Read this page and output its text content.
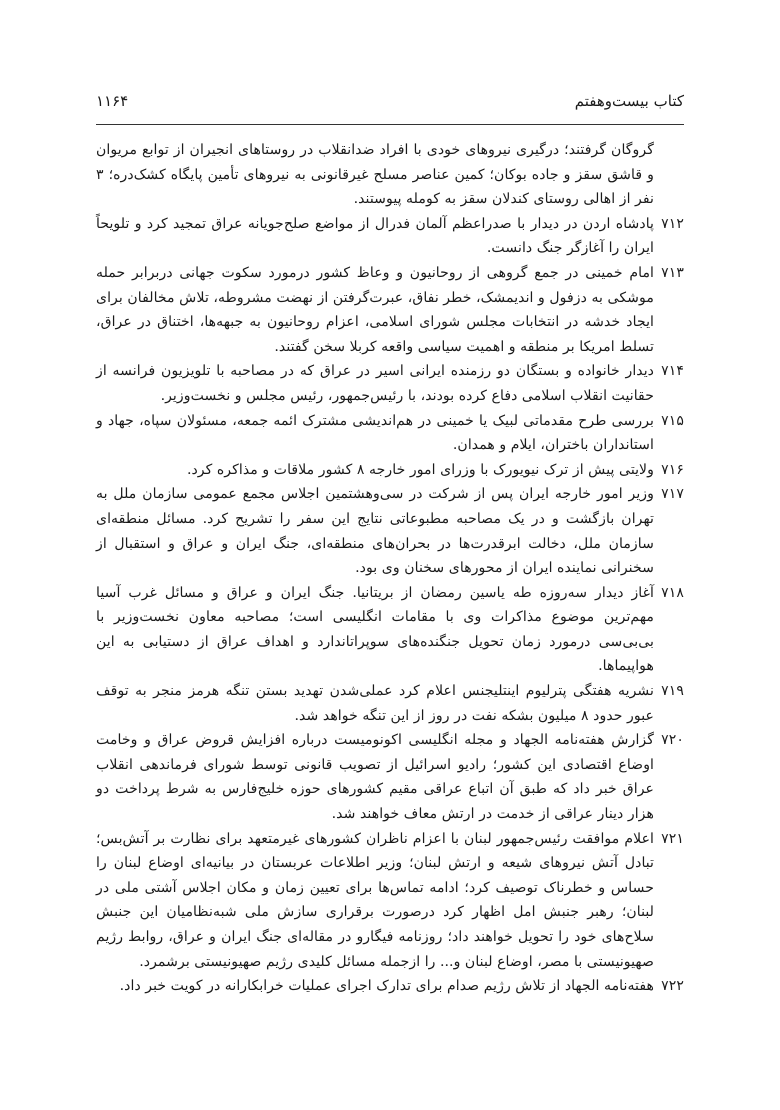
کتاب بیست‌وهفتم
۱۱۶۴
گروگان گرفتند؛ درگیری نیروهای خودی با افراد ضدانقلاب در روستاهای انجیران از توابع مریوان و قاشق سقز و جاده بوکان؛ کمین عناصر مسلح غیرقانونی به نیروهای تأمین پایگاه کشک‌دره؛ ۳ نفر از اهالی روستای کندلان سقز به کومله پیوستند.
۷۱۲
پادشاه اردن در دیدار با صدراعظم آلمان فدرال از مواضع صلح‌جویانه عراق تمجید کرد و تلویحاً ایران را آغازگر جنگ دانست.
۷۱۳
امام خمینی در جمع گروهی از روحانیون و وعاظ کشور درمورد سکوت جهانی دربرابر حمله موشکی به دزفول و اندیمشک، خطر نفاق، عبرت‌گرفتن از نهضت مشروطه، تلاش مخالفان برای ایجاد خدشه در انتخابات مجلس شورای اسلامی، اعزام روحانیون به جبهه‌ها، اختناق در عراق، تسلط امریکا بر منطقه و اهمیت سیاسی واقعه کربلا سخن گفتند.
۷۱۴
دیدار خانواده و بستگان دو رزمنده ایرانی اسیر در عراق که در مصاحبه با تلویزیون فرانسه از حقانیت انقلاب اسلامی دفاع کرده بودند، با رئیس‌جمهور، رئیس مجلس و نخست‌وزیر.
۷۱۵
بررسی طرح مقدماتی لبیک یا خمینی در هم‌اندیشی مشترک ائمه جمعه، مسئولان سپاه، جهاد و استانداران باختران، ایلام و همدان.
۷۱۶
ولایتی پیش از ترک نیویورک با وزرای امور خارجه ۸ کشور ملاقات و مذاکره کرد.
۷۱۷
وزیر امور خارجه ایران پس از شرکت در سی‌وهشتمین اجلاس مجمع عمومی سازمان ملل به تهران بازگشت و در یک مصاحبه مطبوعاتی نتایج این سفر را تشریح کرد. مسائل منطقه‌ای سازمان ملل، دخالت ابرقدرت‌ها در بحران‌های منطقه‌ای، جنگ ایران و عراق و استقبال از سخنرانی نماینده ایران از محورهای سخنان وی بود.
۷۱۸
آغاز دیدار سه‌روزه طه یاسین رمضان از بریتانیا. جنگ ایران و عراق و مسائل غرب آسیا مهم‌ترین موضوع مذاکرات وی با مقامات انگلیسی است؛ مصاحبه معاون نخست‌وزیر با بی‌بی‌سی درمورد زمان تحویل جنگنده‌های سوپراتاندارد و اهداف عراق از دستیابی به این هواپیماها.
۷۱۹
نشریه هفتگی پترلیوم اینتلیجنس اعلام کرد عملی‌شدن تهدید بستن تنگه هرمز منجر به توقف عبور حدود ۸ میلیون بشکه نفت در روز از این تنگه خواهد شد.
۷۲۰
گزارش هفته‌نامه الجهاد و مجله انگلیسی اکونومیست درباره افزایش قروض عراق و وخامت اوضاع اقتصادی این کشور؛ رادیو اسرائیل از تصویب قانونی توسط شورای فرماندهی انقلاب عراق خبر داد که طبق آن اتباع عراقی مقیم کشورهای حوزه خلیج‌فارس به شرط پرداخت دو هزار دینار عراقی از خدمت در ارتش معاف خواهند شد.
۷۲۱
اعلام موافقت رئیس‌جمهور لبنان با اعزام ناظران کشورهای غیرمتعهد برای نظارت بر آتش‌بس؛ تبادل آتش نیروهای شیعه و ارتش لبنان؛ وزیر اطلاعات عربستان در بیانیه‌ای اوضاع لبنان را حساس و خطرناک توصیف کرد؛ ادامه تماس‌ها برای تعیین زمان و مکان اجلاس آشتی ملی در لبنان؛ رهبر جنبش امل اظهار کرد درصورت برقراری سازش ملی شبه‌نظامیان این جنبش سلاح‌های خود را تحویل خواهند داد؛ روزنامه فیگارو در مقاله‌ای جنگ ایران و عراق، روابط رژیم صهیونیستی با مصر، اوضاع لبنان و... را ازجمله مسائل کلیدی رژیم صهیونیستی برشمرد.
۷۲۲
هفته‌نامه الجهاد از تلاش رژیم صدام برای تدارک اجرای عملیات خرابکارانه در کویت خبر داد.
